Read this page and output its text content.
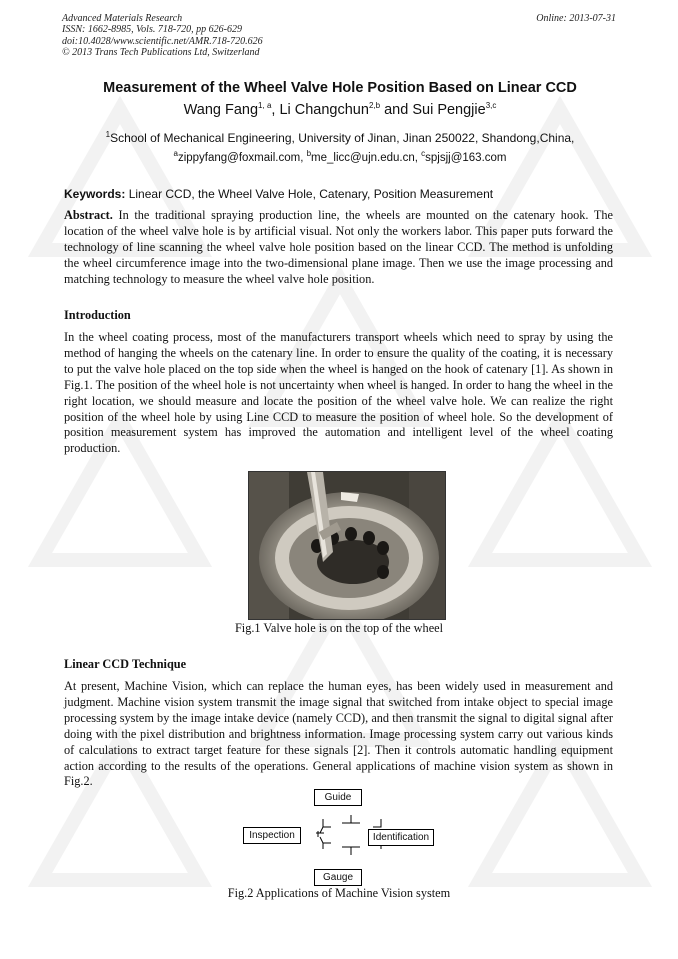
Advanced Materials Research
ISSN: 1662-8985, Vols. 718-720, pp 626-629
doi:10.4028/www.scientific.net/AMR.718-720.626
© 2013 Trans Tech Publications Ltd, Switzerland
Online: 2013-07-31
Measurement of the Wheel Valve Hole Position Based on Linear CCD
Wang Fang$^{1, a}$, Li Changchun$^{2,b}$ and Sui Pengjie$^{3,c}$
$^1$School of Mechanical Engineering, University of Jinan, Jinan 250022, Shandong,China,
$^a$zippyfang@foxmail.com, $^b$me_licc@ujn.edu.cn, $^c$spjsjj@163.com
Keywords: Linear CCD, the Wheel Valve Hole, Catenary, Position Measurement

Abstract. In the traditional spraying production line, the wheels are mounted on the catenary hook. The location of the wheel valve hole is by artificial visual. Not only the workers labor. This paper puts forward the technology of line scanning the wheel valve hole position based on the linear CCD. The method is unfolding the wheel circumference image into the two-dimensional plane image. Then we use the image processing and matching technology to measure the wheel valve hole position.

Introduction

In the wheel coating process, most of the manufacturers transport wheels which need to spray by using the method of hanging the wheels on the catenary line. In order to ensure the quality of the coating, it is necessary to put the valve hole placed on the top side when the wheel is hanged on the hook of catenary [1]. As shown in Fig.1. The position of the wheel hole is not uncertainty when wheel is hanged. In order to hang the wheel in the right location, we should measure and locate the position of the wheel valve hole. We can realize the right position of the wheel hole by using Line CCD to measure the position of wheel hole. So the development of position measurement system has improved the automation and intelligent level of the wheel coating production.

Fig.1 Valve hole is on the top of the wheel
Linear CCD Technique

At present, Machine Vision, which can replace the human eyes, has been widely used in measurement and judgment. Machine vision system transmit the image signal that switched from intake object to special image processing system by the image intake device (namely CCD), and then transmit the signal to digital signal after doing with the pixel distribution and brightness information. Image processing system carry out various kinds of calculations to extract target feature for these signals [2]. Then it controls automatic handling equipment action according to the results of the operations. General applications of machine vision system as shown in Fig.2.

Guide
Inspection	Identification
Gauge
Fig.2 Applications of Machine Vision system
